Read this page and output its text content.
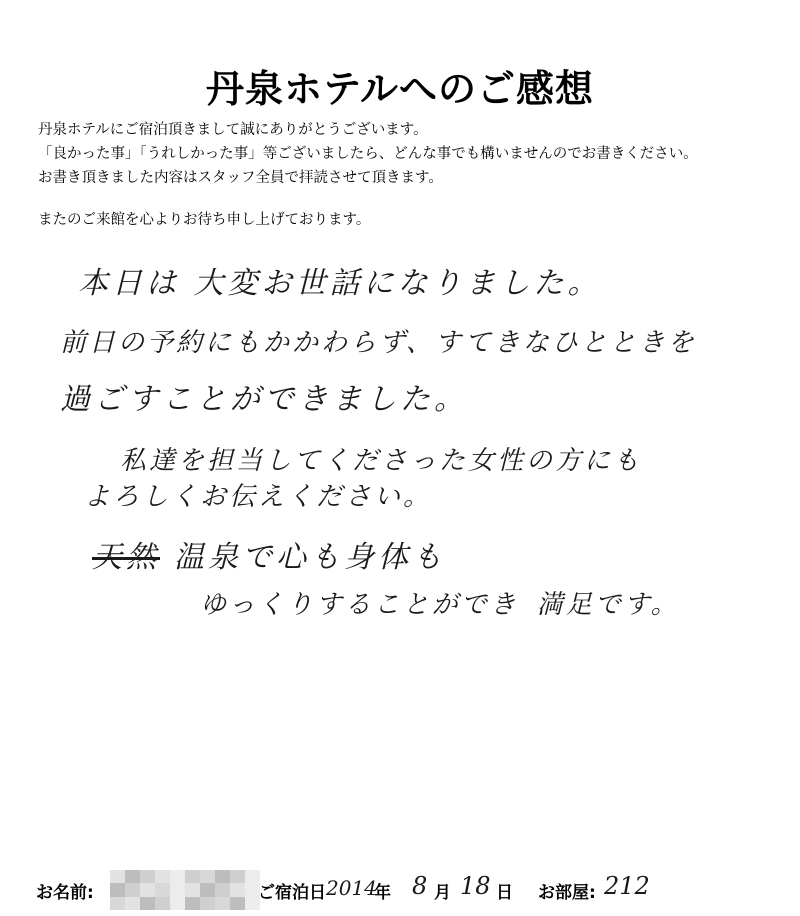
丹泉ホテルへのご感想
丹泉ホテルにご宿泊頂きまして誠にありがとうございます。
「良かった事」「うれしかった事」等ございましたら、どんな事でも構いませんのでお書きください。
お書き頂きました内容はスタッフ全員で拝読させて頂きます。
またのご来館を心よりお待ち申し上げております。
本日は 大変お世話になりました。
前日の予約にもかかわらず、すてきなひとときを
過ごすことができました。
私達を担当してくださった女性の方にも
よろしくお伝えください。
天然 温泉で心も身体も
ゆっくりすることができ 満足です。
お名前:	ご宿泊日 2014
年 8 月 18 日 お部屋: 212
